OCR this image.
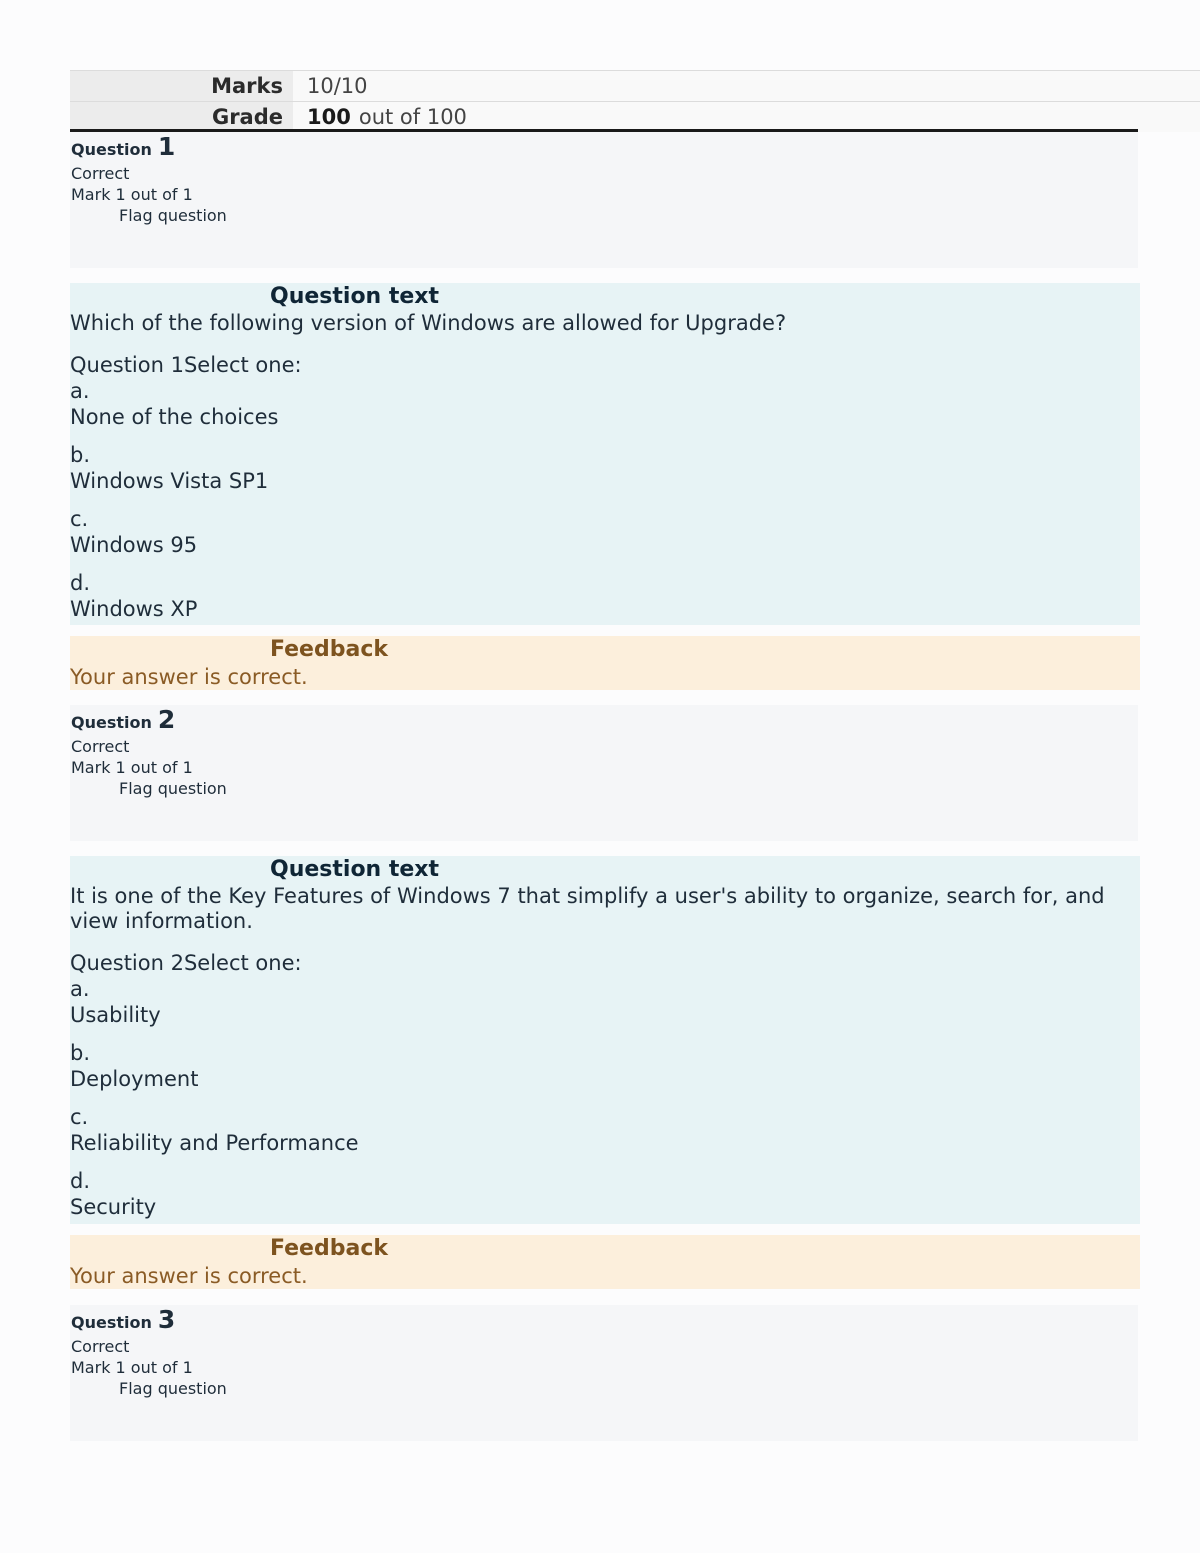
Marks	10/10
Grade	100 out of 100
Question 1
Correct
Mark 1 out of 1
Flag question
Question text
Which of the following version of Windows are allowed for Upgrade?
Question 1Select one:
a.
None of the choices
b.
Windows Vista SP1
c.
Windows 95
d.
Windows XP
Feedback
Your answer is correct.
Question 2
Correct
Mark 1 out of 1
Flag question
Question text
It is one of the Key Features of Windows 7 that simplify a user's ability to organize, search for, and view information.
Question 2Select one:
a.
Usability
b.
Deployment
c.
Reliability and Performance
d.
Security
Feedback
Your answer is correct.
Question 3
Correct
Mark 1 out of 1
Flag question
